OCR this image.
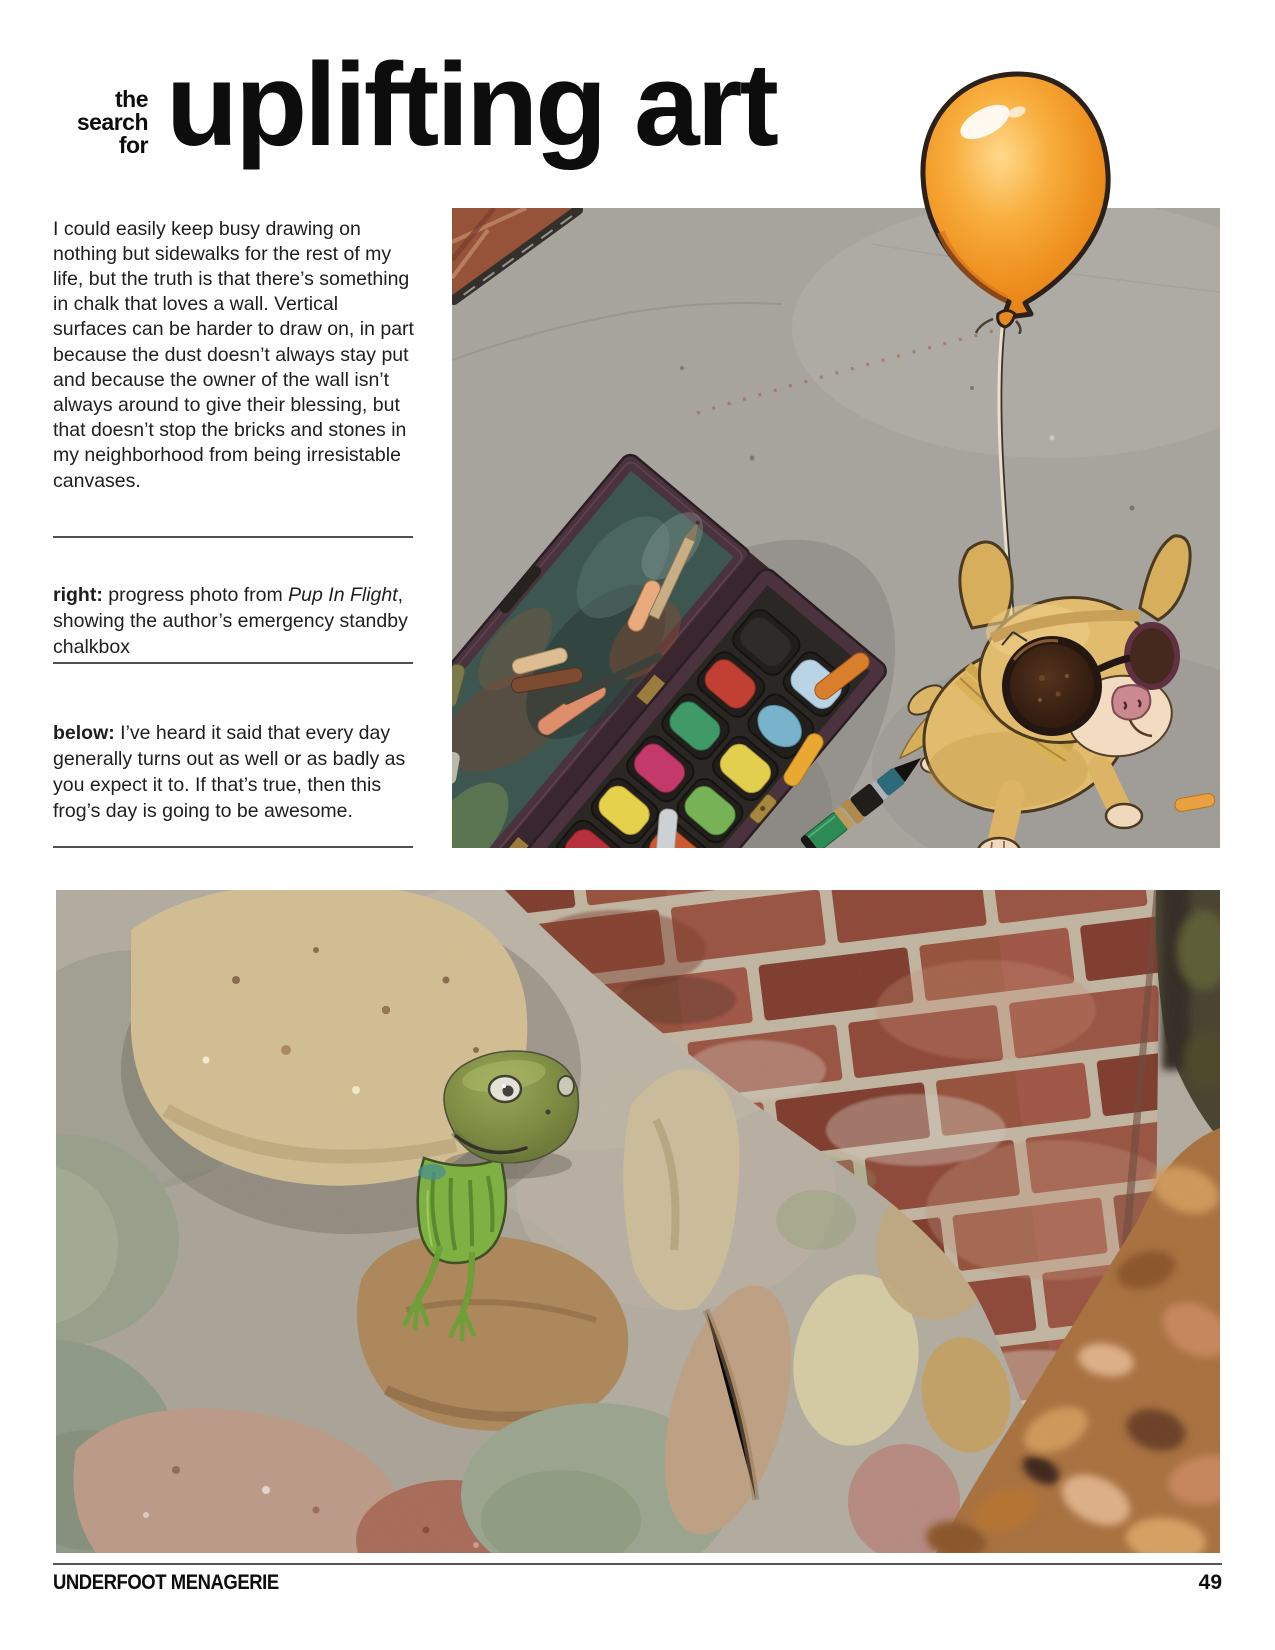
the
search
for uplifting art

I could easily keep busy drawing on nothing but sidewalks for the rest of my life, but the truth is that there’s something in chalk that loves a wall. Vertical surfaces can be harder to draw on, in part because the dust doesn’t always stay put and because the owner of the wall isn’t always around to give their blessing, but that doesn’t stop the bricks and stones in my neighborhood from being irresistable canvases.

right: progress photo from Pup In Flight, showing the author’s emergency standby chalkbox

below: I’ve heard it said that every day generally turns out as well or as badly as you expect it to. If that’s true, then this frog’s day is going to be awesome.

UNDERFOOT MENAGERIE	49
